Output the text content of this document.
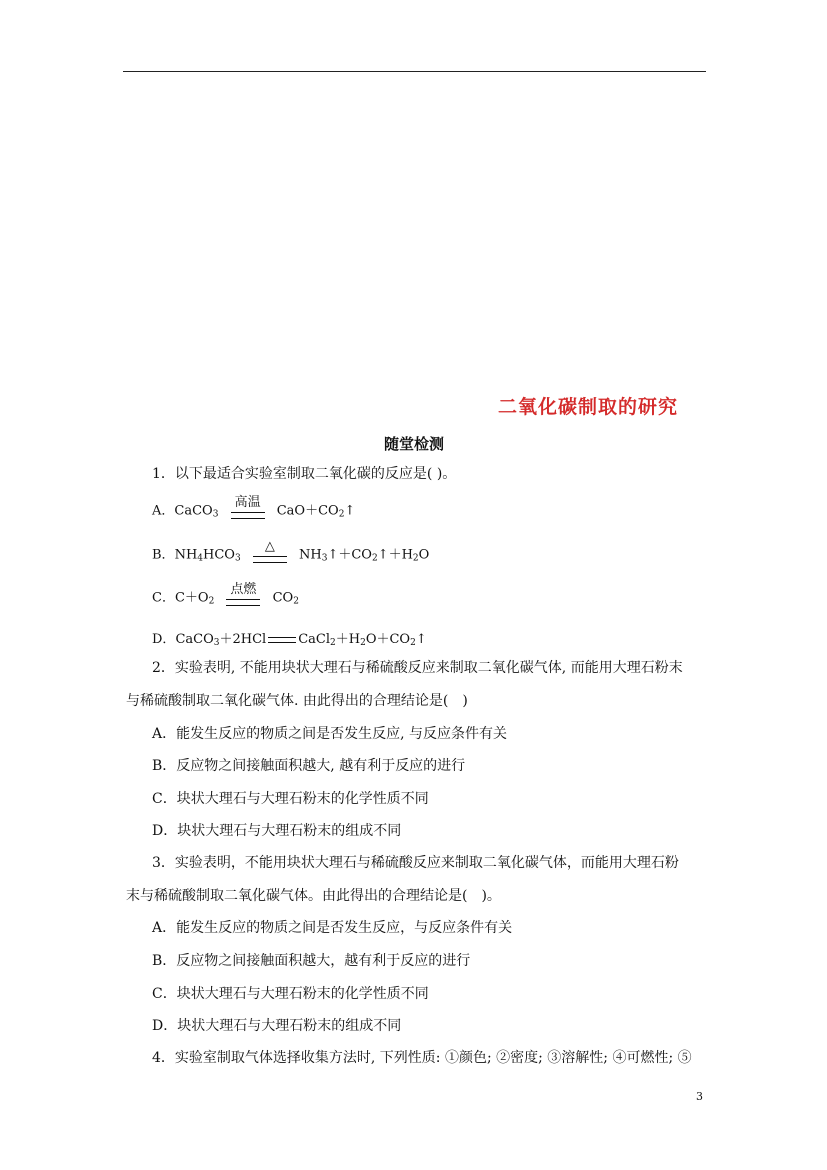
二氧化碳制取的研究
随堂检测
1．以下最适合实验室制取二氧化碳的反应是( )。
A．CaCO$_3$
高温
$CaO+CO_2↑$
B．$NH_4HCO_3$
△
$NH_3↑+CO_2↑+H_2O$
C．$C+O_2$
点燃
$CO_2$
D．CaCO$_3$＋2HCl $CaCl_2+H_2O+CO_2↑$
2．实验表明, 不能用块状大理石与稀硫酸反应来制取二氧化碳气体, 而能用大理石粉末
与稀硫酸制取二氧化碳气体. 由此得出的合理结论是(　)
A．能发生反应的物质之间是否发生反应, 与反应条件有关
B．反应物之间接触面积越大, 越有利于反应的进行
C．块状大理石与大理石粉末的化学性质不同
D．块状大理石与大理石粉末的组成不同
3．实验表明，不能用块状大理石与稀硫酸反应来制取二氧化碳气体，而能用大理石粉
末与稀硫酸制取二氧化碳气体。由此得出的合理结论是(　)。
A．能发生反应的物质之间是否发生反应，与反应条件有关
B．反应物之间接触面积越大，越有利于反应的进行
C．块状大理石与大理石粉末的化学性质不同
D．块状大理石与大理石粉末的组成不同
4．实验室制取气体选择收集方法时, 下列性质: ①颜色; ②密度; ③溶解性; ④可燃性; ⑤
3
